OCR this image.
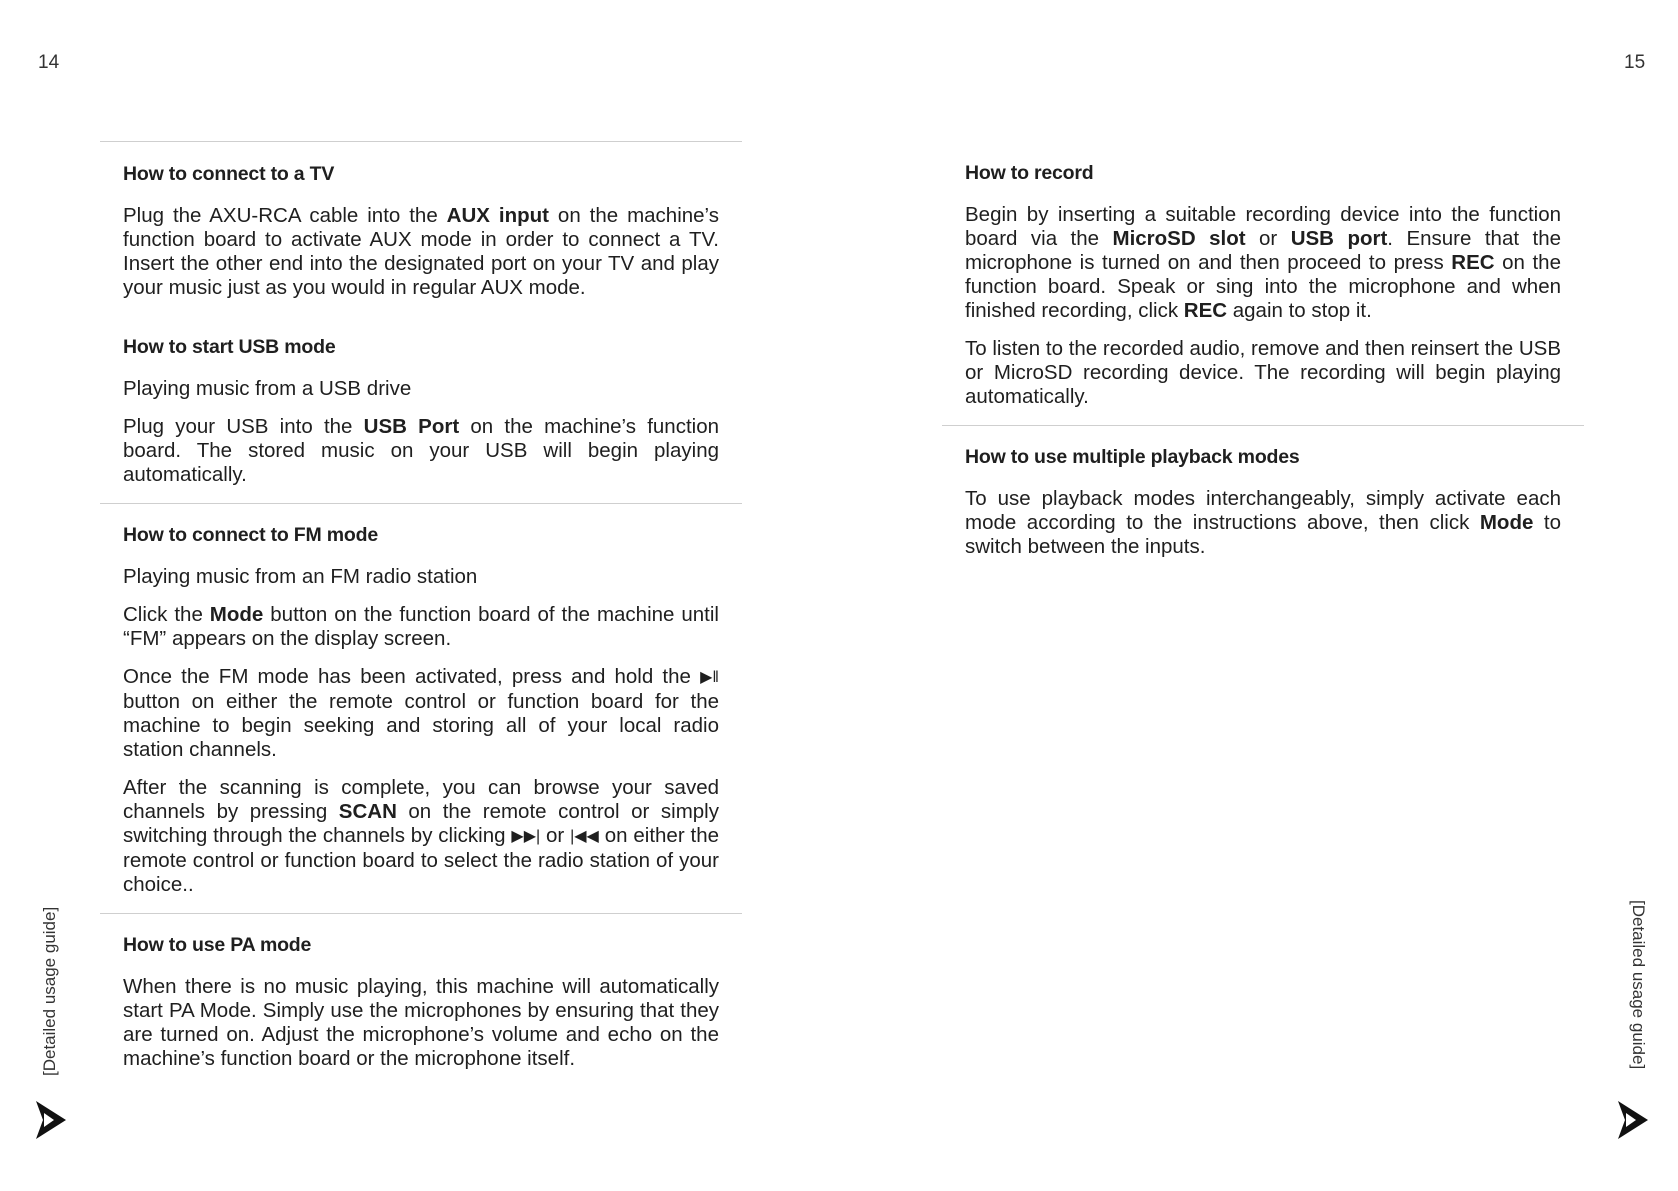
14	15
How to connect to a TV

Plug the AXU-RCA cable into the AUX input on the machine’s function board to activate AUX mode in order to connect a TV. Insert the other end into the designated port on your TV and play your music just as you would in regular AUX mode.

How to start USB mode

Playing music from a USB drive

Plug your USB into the USB Port on the machine’s function board. The stored music on your USB will begin playing automatically.

How to connect to FM mode

Playing music from an FM radio station

Click the Mode button on the function board of the machine until “FM” appears on the display screen.

Once the FM mode has been activated, press and hold the ▶ǁ button on either the remote control or function board for the machine to begin seeking and storing all of your local radio station channels.

After the scanning is complete, you can browse your saved channels by pressing SCAN on the remote control or simply switching through the channels by clicking ▶▶| or |◀◀ on either the remote control or function board to select the radio station of your choice..

How to use PA mode

When there is no music playing, this machine will automatically start PA Mode. Simply use the microphones by ensuring that they are turned on. Adjust the microphone’s volume and echo on the machine’s function board or the microphone itself.

How to record

Begin by inserting a suitable recording device into the function board via the MicroSD slot or USB port. Ensure that the microphone is turned on and then proceed to press REC on the function board. Speak or sing into the microphone and when finished recording, click REC again to stop it.

To listen to the recorded audio, remove and then reinsert the USB or MicroSD recording device. The recording will begin playing automatically.

How to use multiple playback modes

To use playback modes interchangeably, simply activate each mode according to the instructions above, then click Mode to switch between the inputs.

[Detailed usage guide]	[Detailed usage guide]
